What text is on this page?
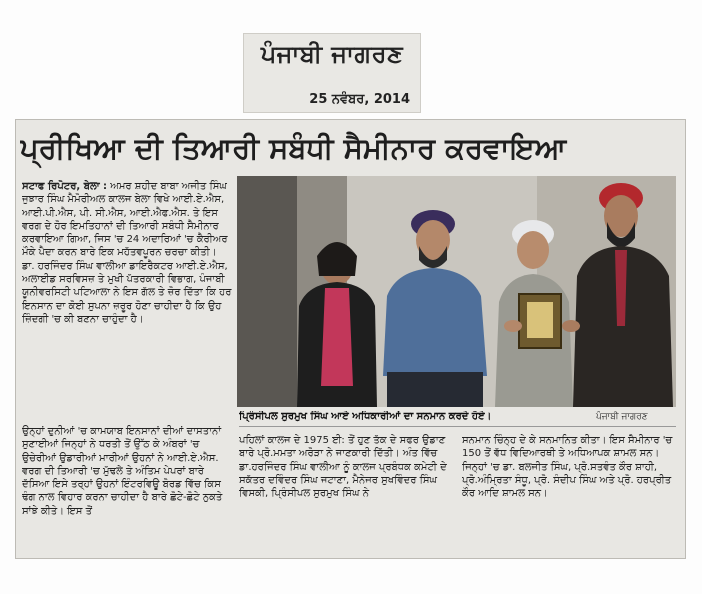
ਪੰਜਾਬੀ ਜਾਗਰਣ
25 ਨਵੰਬਰ, 2014
ਪ੍ਰੀਖਿਆ ਦੀ ਤਿਆਰੀ ਸਬੰਧੀ ਸੈਮੀਨਾਰ ਕਰਵਾਇਆ

ਸਟਾਫ ਰਿਪੋਟਰ, ਬੇਲਾ : ਅਮਰ ਸ਼ਹੀਦ ਬਾਬਾ ਅਜੀਤ ਸਿੰਘ ਜੁਝਾਰ ਸਿੰਘ ਮੈਮੋਰੀਅਲ ਕਾਲਜ ਬੇਲਾ ਵਿਖੇ ਆਈ.ਏ.ਐਸ, ਆਈ.ਪੀ.ਐਸ, ਪੀ. ਸੀ.ਐਸ, ਆਈ.ਐਫ.ਐਸ. ਤੇ ਇਸ ਵਰਗ ਦੇ ਹੋਰ ਇਮਤਿਹਾਨਾਂ ਦੀ ਤਿਆਰੀ ਸਬੰਧੀ ਸੈਮੀਨਾਰ ਕਰਵਾਇਆ ਗਿਆ, ਜਿਸ 'ਚ 24 ਅਦਾਰਿਆਂ 'ਚ ਕੈਰੀਅਰ ਮੌਕੇ ਪੈਦਾ ਕਰਨ ਬਾਰੇ ਇਕ ਮਹੱਤਵਪੂਰਨ ਚਰਚਾ ਕੀਤੀ। ਡਾ. ਹਰਜਿੰਦਰ ਸਿੰਘ ਵਾਲੀਆ ਡਾਇਰੈਕਟਰ ਆਈ.ਏ.ਐਸ, ਅਲਾਈਡ ਸਰਵਿਸਜ਼ ਤੇ ਮੁਖੀ ਪੱਤਰਕਾਰੀ ਵਿਭਾਗ, ਪੰਜਾਬੀ ਯੂਨੀਵਰਸਿਟੀ ਪਟਿਆਲਾ ਨੇ ਇਸ ਗੱਲ ਤੇ ਜ਼ੋਰ ਦਿੱਤਾ ਕਿ ਹਰ ਇਨਸਾਨ ਦਾ ਕੋਈ ਸੁਪਨਾ ਜ਼ਰੂਰ ਹੋਣਾ ਚਾਹੀਦਾ ਹੈ ਕਿ ਉਹ ਜ਼ਿੰਦਗੀ 'ਚ ਕੀ ਬਣਨਾ ਚਾਹੁੰਦਾ ਹੈ।

ਉਨ੍ਹਾਂ ਦੁਨੀਆਂ 'ਚ ਕਾਮਯਾਬ ਇਨਸਾਨਾਂ ਦੀਆਂ ਦਾਸਤਾਨਾਂ ਸੁਣਾਈਆਂ ਜਿਨ੍ਹਾਂ ਨੇ ਧਰਤੀ ਤੋਂ ਉੱਠ ਕੇ ਅੰਬਰਾਂ 'ਚ ਉਚੇਰੀਆਂ ਉਡਾਰੀਆਂ ਮਾਰੀਆਂ ਉਹਨਾਂ ਨੇ ਆਈ.ਏ.ਐਸ. ਵਰਗ ਦੀ ਤਿਆਰੀ 'ਚ ਮੁੱਢਲੇ ਤੇ ਅੰਤਿਮ ਪੇਪਰਾਂ ਬਾਰੇ ਦੱਸਿਆ ਇਸੇ ਤਰ੍ਹਾਂ ਉਹਨਾਂ ਇੰਟਰਵਿਊ ਬੋਰਡ ਵਿੱਚ ਕਿਸ ਢੰਗ ਨਾਲ ਵਿਹਾਰ ਕਰਨਾ ਚਾਹੀਦਾ ਹੈ ਬਾਰੇ ਛੋਟੇ-ਛੋਟੇ ਨੁਕਤੇ ਸਾਂਝੇ ਕੀਤੇ। ਇਸ ਤੋਂ

ਪ੍ਰਿੰਸੀਪਲ ਸੁਰਮੁਖ ਸਿੰਘ ਆਏ ਅਧਿਕਾਰੀਆਂ ਦਾ ਸਨਮਾਨ ਕਰਦੇ ਹੋਏ।	ਪੰਜਾਬੀ ਜਾਗਰਣ

ਪਹਿਲਾਂ ਕਾਲਜ ਦੇ 1975 ਈ: ਤੋਂ ਹੁਣ ਤੱਕ ਦੇ ਸਫਰ ਉਡਾਣ ਬਾਰੇ ਪ੍ਰੋ.ਮਮਤਾ ਅਰੋੜਾ ਨੇ ਜਾਣਕਾਰੀ ਦਿੱਤੀ। ਅੰਤ ਵਿੱਚ ਡਾ.ਹਰਜਿੰਦਰ ਸਿੰਘ ਵਾਲੀਆ ਨੂੰ ਕਾਲਜ ਪ੍ਰਬੰਧਕ ਕਮੇਟੀ ਦੇ ਸਕੱਤਰ ਦਵਿੰਦਰ ਸਿੰਘ ਜਟਾਣਾ, ਮੈਨੇਜਰ ਸੁਖਵਿੰਦਰ ਸਿੰਘ ਵਿਸਕੀ, ਪ੍ਰਿੰਸੀਪਲ ਸੁਰਮੁਖ ਸਿੰਘ ਨੇ

ਸਨਮਾਨ ਚਿੰਨ੍ਹ ਦੇ ਕੇ ਸਨਮਾਨਿਤ ਕੀਤਾ। ਇਸ ਸੈਮੀਨਾਰ 'ਚ 150 ਤੋਂ ਵੱਧ ਵਿਦਿਆਰਥੀ ਤੇ ਅਧਿਆਪਕ ਸ਼ਾਮਲ ਸਨ। ਜਿਨ੍ਹਾਂ 'ਚ ਡਾ. ਬਲਜੀਤ ਸਿੰਘ, ਪ੍ਰੋ.ਸਤਵੰਤ ਕੌਰ ਸ਼ਾਹੀ, ਪ੍ਰੋ.ਅੰਮ੍ਰਿਤਾ ਸੰਧੂ, ਪ੍ਰੋ. ਸੰਦੀਪ ਸਿੰਘ ਅਤੇ ਪ੍ਰੋ. ਹਰਪ੍ਰੀਤ ਕੌਰ ਆਦਿ ਸ਼ਾਮਲ ਸਨ।
